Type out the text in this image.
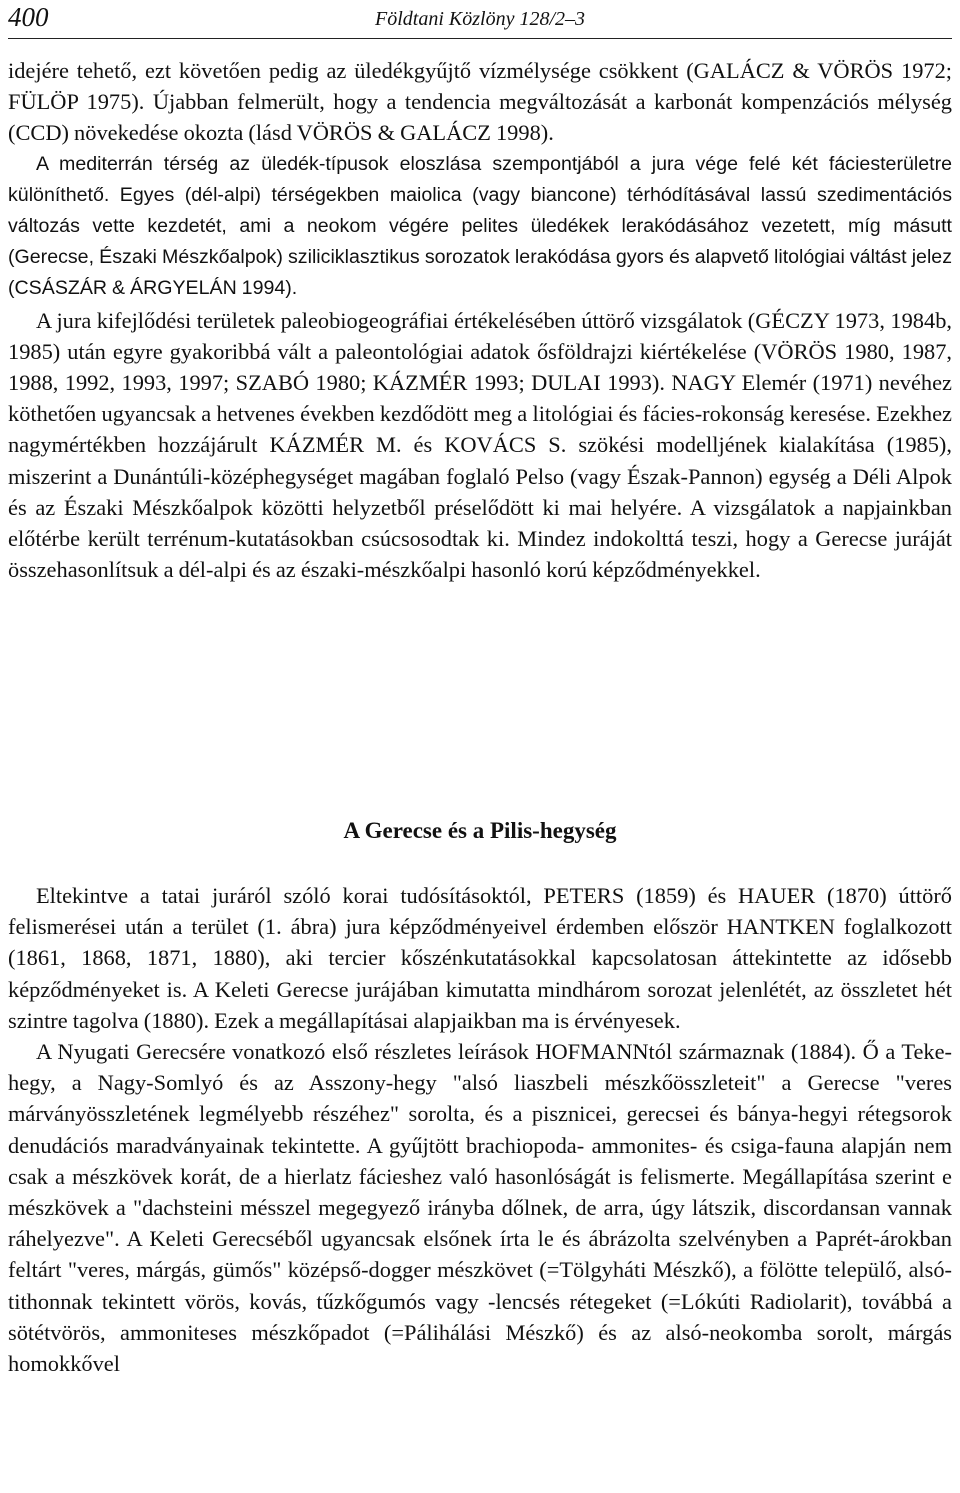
400	Földtani Közlöny 128/2–3

idejére tehető, ezt követően pedig az üledékgyűjtő vízmélysége csökkent (GALÁCZ & VÖRÖS 1972; FÜLÖP 1975). Újabban felmerült, hogy a tendencia megváltozását a karbonát kompenzációs mélység (CCD) növekedése okozta (lásd VÖRÖS & GALÁCZ 1998).

A mediterrán térség az üledék-típusok eloszlása szempontjából a jura vége felé két fáciesterületre különíthető. Egyes (dél-alpi) térségekben maiolica (vagy biancone) térhódításával lassú szedimentációs változás vette kezdetét, ami a neokom végére pelites üledékek lerakódásához vezetett, míg másutt (Gerecse, Északi Mészkőalpok) sziliciklasztikus sorozatok lerakódása gyors és alapvető litológiai váltást jelez (CSÁSZÁR & ÁRGYELÁN 1994).

A jura kifejlődési területek paleobiogeográfiai értékelésében úttörő vizsgálatok (GÉCZY 1973, 1984b, 1985) után egyre gyakoribbá vált a paleontológiai adatok ősföldrajzi kiértékelése (VÖRÖS 1980, 1987, 1988, 1992, 1993, 1997; SZABÓ 1980; KÁZMÉR 1993; DULAI 1993). NAGY Elemér (1971) nevéhez köthetően ugyancsak a hetvenes években kezdődött meg a litológiai és fácies-rokonság keresése. Ezekhez nagymértékben hozzájárult KÁZMÉR M. és KOVÁCS S. szökési modelljének kialakítása (1985), miszerint a Dunántúli-középhegységet magában foglaló Pelso (vagy Észak-Pannon) egység a Déli Alpok és az Északi Mészkőalpok közötti helyzetből préselődött ki mai helyére. A vizsgálatok a napjainkban előtérbe került terrénum-kutatásokban csúcsosodtak ki. Mindez indokolttá teszi, hogy a Gerecse juráját összehasonlítsuk a dél-alpi és az északi-mészkőalpi hasonló korú képződményekkel.

A Gerecse és a Pilis-hegység

Eltekintve a tatai juráról szóló korai tudósításoktól, PETERS (1859) és HAUER (1870) úttörő felismerései után a terület (1. ábra) jura képződményeivel érdemben először HANTKEN foglalkozott (1861, 1868, 1871, 1880), aki tercier kőszénkutatásokkal kapcsolatosan áttekintette az idősebb képződményeket is. A Keleti Gerecse jurájában kimutatta mindhárom sorozat jelenlétét, az összletet hét szintre tagolva (1880). Ezek a megállapításai alapjaikban ma is érvényesek.

A Nyugati Gerecsére vonatkozó első részletes leírások HOFMANNtól származnak (1884). Ő a Teke-hegy, a Nagy-Somlyó és az Asszony-hegy "alsó liaszbeli mészkőösszleteit" a Gerecse "veres márványösszletének legmélyebb részéhez" sorolta, és a pisznicei, gerecsei és bánya-hegyi rétegsorok denudációs maradványainak tekintette. A gyűjtött brachiopoda- ammonites- és csiga-fauna alapján nem csak a mészkövek korát, de a hierlatz fácieshez való hasonlóságát is felismerte. Megállapítása szerint e mészkövek a "dachsteini mésszel megegyező irányba dőlnek, de arra, úgy látszik, discordansan vannak ráhelyezve". A Keleti Gerecséből ugyancsak elsőnek írta le és ábrázolta szelvényben a Paprét-árokban feltárt "veres, márgás, gümős" középső-dogger mészkövet (=Tölgyháti Mészkő), a fölötte települő, alsó-tithonnak tekintett vörös, kovás, tűzkőgumós vagy -lencsés rétegeket (=Lókúti Radiolarit), továbbá a sötétvörös, ammoniteses mészkőpadot (=Pálihálási Mészkő) és az alsó-neokomba sorolt, márgás homokkővel
